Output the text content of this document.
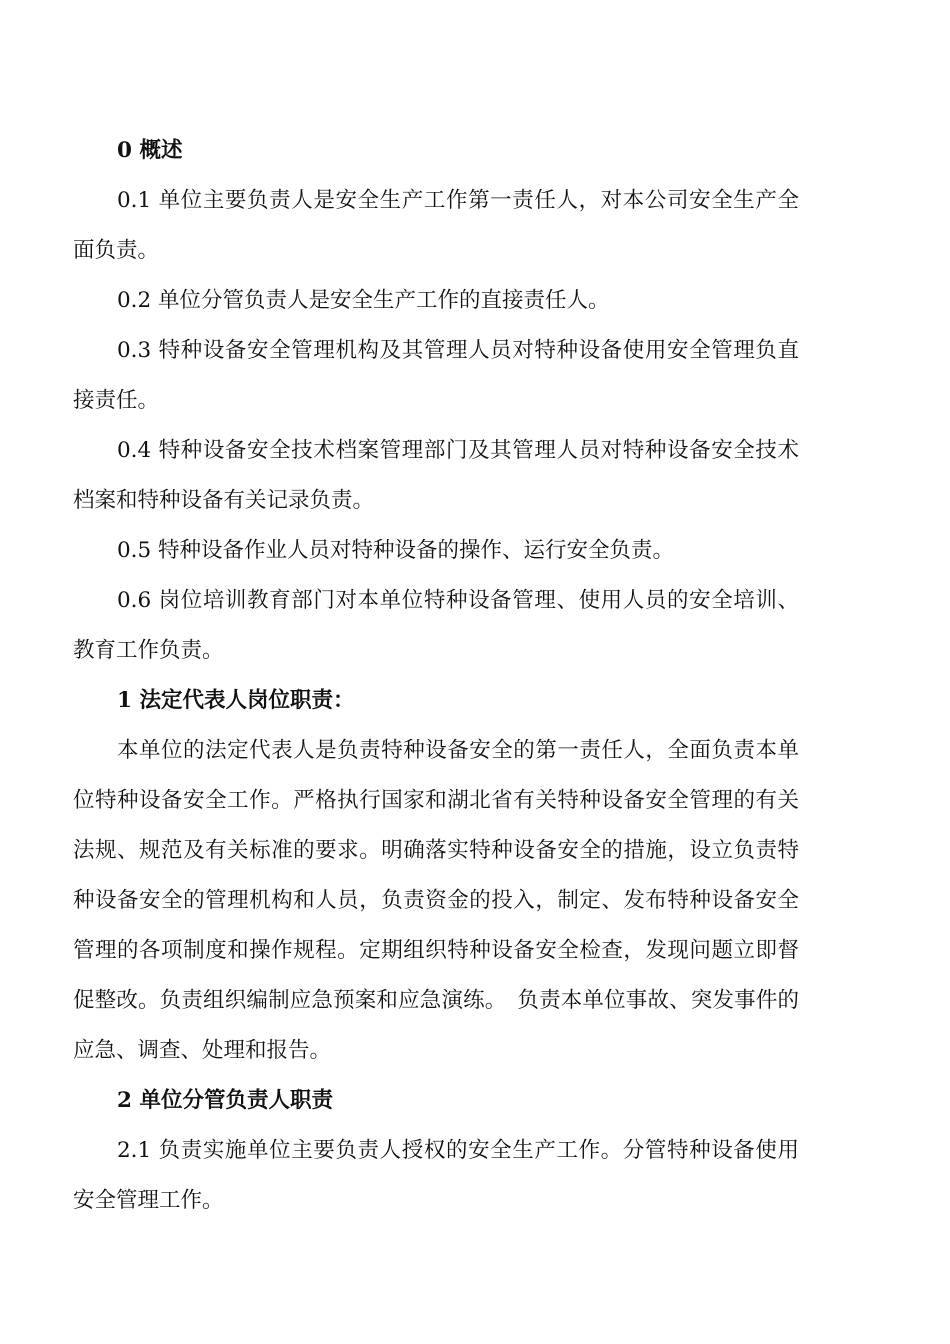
0 概述

0.1 单位主要负责人是安全生产工作第一责任人，对本公司安全生产全面负责。

0.2 单位分管负责人是安全生产工作的直接责任人。

0.3 特种设备安全管理机构及其管理人员对特种设备使用安全管理负直接责任。

0.4 特种设备安全技术档案管理部门及其管理人员对特种设备安全技术档案和特种设备有关记录负责。

0.5 特种设备作业人员对特种设备的操作、运行安全负责。

0.6 岗位培训教育部门对本单位特种设备管理、使用人员的安全培训、教育工作负责。

1 法定代表人岗位职责：

本单位的法定代表人是负责特种设备安全的第一责任人，全面负责本单位特种设备安全工作。严格执行国家和湖北省有关特种设备安全管理的有关法规、规范及有关标准的要求。明确落实特种设备安全的措施，设立负责特种设备安全的管理机构和人员，负责资金的投入，制定、发布特种设备安全管理的各项制度和操作规程。定期组织特种设备安全检查，发现问题立即督促整改。负责组织编制应急预案和应急演练。　负责本单位事故、突发事件的应急、调查、处理和报告。

2 单位分管负责人职责

2.1 负责实施单位主要负责人授权的安全生产工作。分管特种设备使用安全管理工作。
